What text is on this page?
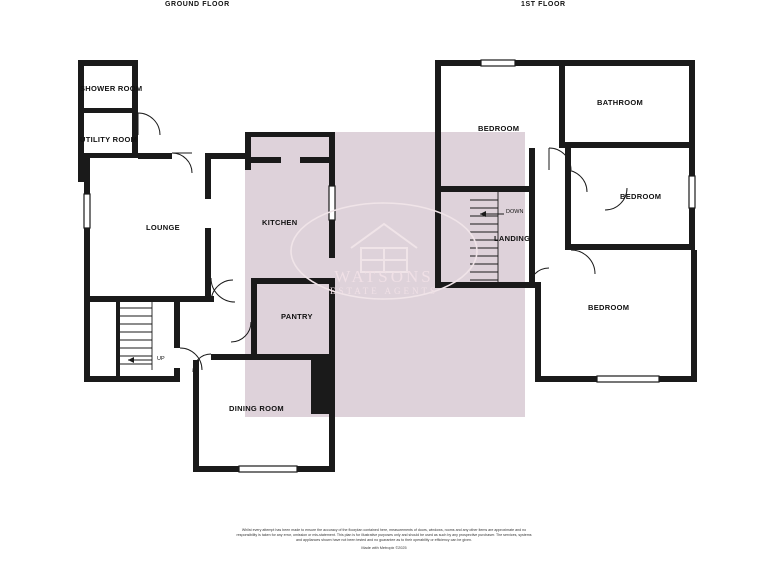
WATSONS
ESTATE AGENTS
GROUND FLOOR	1ST FLOOR
SHOWER ROOM
UTILITY ROOM
LOUNGE
KITCHEN
PANTRY
DINING ROOM
BEDROOM
BATHROOM
BEDROOM
BEDROOM
LANDING
UP
DOWN
Whilst every attempt has been made to ensure the accuracy of the floorplan contained here, measurements of doors, windows, rooms and any other items are approximate and no responsibility is taken for any error, omission or mis-statement. This plan is for illustrative purposes only and should be used as such by any prospective purchaser. The services, systems and appliances shown have not been tested and no guarantee as to their operability or efficiency can be given.
Made with Metropix ©2025
